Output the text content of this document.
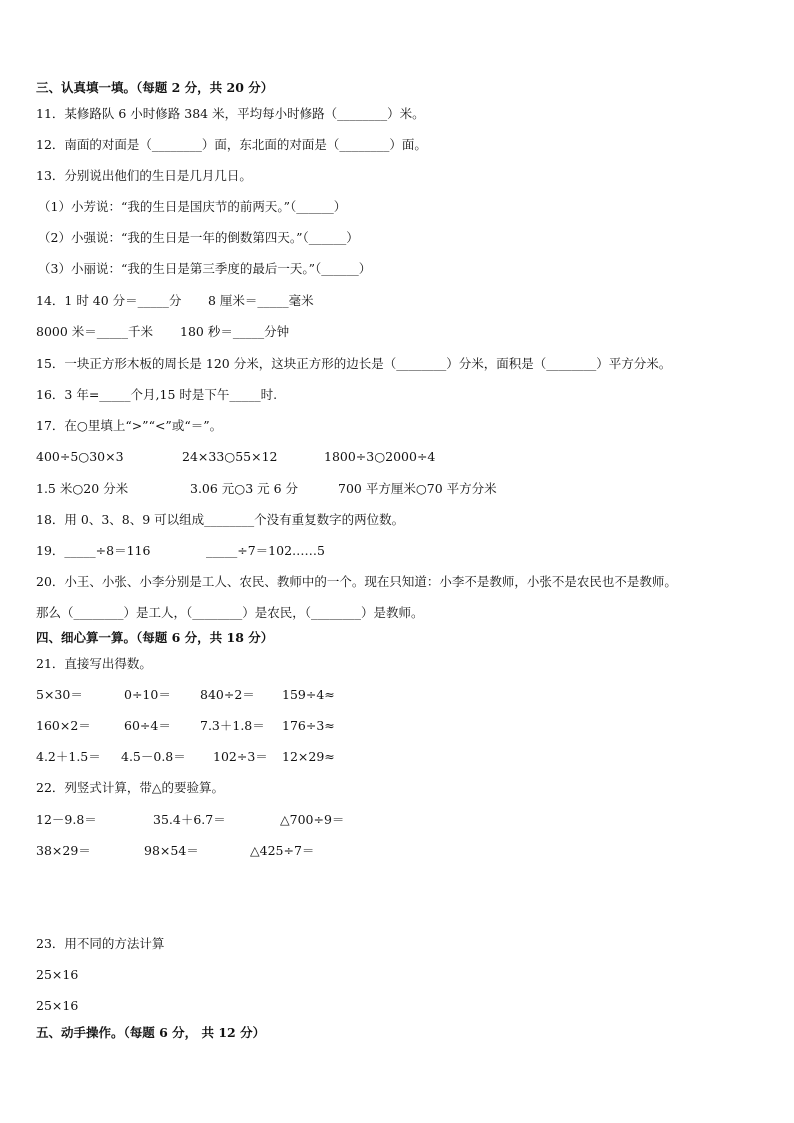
三、认真填一填。（每题 2 分，共 20 分）
11．某修路队 6 小时修路 384 米，平均每小时修路（________）米。
12．南面的对面是（________）面，东北面的对面是（________）面。
13．分别说出他们的生日是几月几日。
（1）小芳说：“我的生日是国庆节的前两天。”（______）
（2）小强说：“我的生日是一年的倒数第四天。”（______）
（3）小丽说：“我的生日是第三季度的最后一天。”（______）
14．1 时 40 分＝_____分 8 厘米＝_____毫米
8000 米＝_____千米 180 秒＝_____分钟
15．一块正方形木板的周长是 120 分米，这块正方形的边长是（________）分米，面积是（________）平方分米。
16．3 年=_____个月,15 时是下午_____时.
17．在○里填上“>”“<”或“＝”。
400÷5○30×3	24×33○55×12	1800÷3○2000÷4
1.5 米○20 分米	3.06 元○3 元 6 分	700 平方厘米○70 平方分米
18．用 0、3、8、9 可以组成________个没有重复数字的两位数。
19．_____÷8＝116	_____÷7＝102……5
20．小王、小张、小李分别是工人、农民、教师中的一个。现在只知道：小李不是教师，小张不是农民也不是教师。
那么（________）是工人，（________）是农民，（________）是教师。
四、细心算一算。（每题 6 分，共 18 分）
21．直接写出得数。
5×30＝	0÷10＝ 840÷2＝ 159÷4≈
160×2＝	60÷4＝ 7.3＋1.8＝ 176÷3≈
4.2＋1.5＝ 4.5－0.8＝ 102÷3＝ 12×29≈
22．列竖式计算，带△的要验算。
12－9.8＝	35.4＋6.7＝	△700÷9＝
38×29＝	98×54＝	△425÷7＝
23．用不同的方法计算
25×16
25×16
五、动手操作。（每题 6 分， 共 12 分）
